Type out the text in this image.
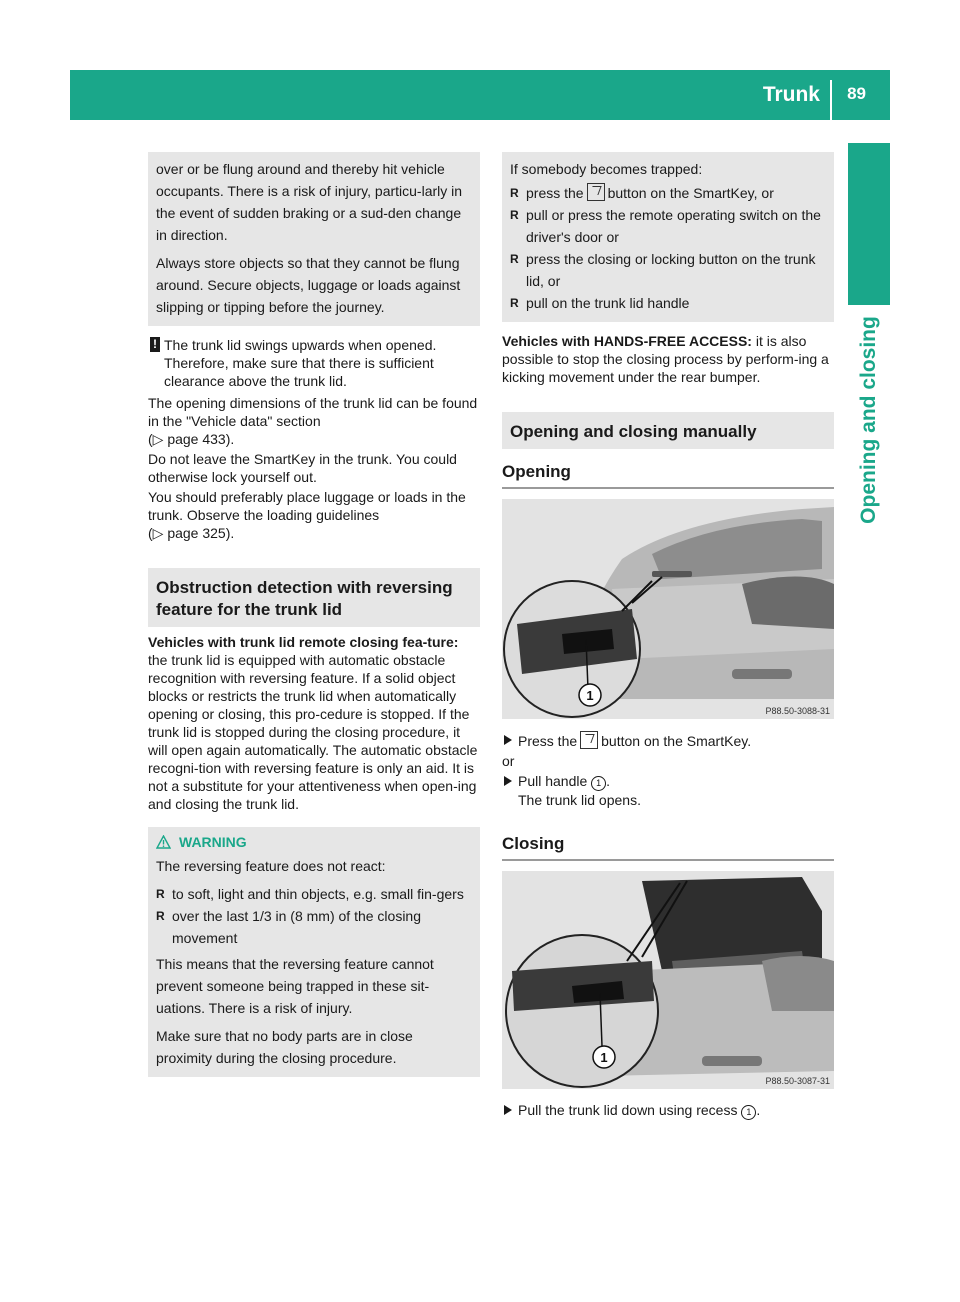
Trunk 89
Opening and closing

over or be flung around and thereby hit vehicle occupants. There is a risk of injury, particu-larly in the event of sudden braking or a sud-den change in direction.

Always store objects so that they cannot be flung around. Secure objects, luggage or loads against slipping or tipping before the journey.

! The trunk lid swings upwards when opened.
Therefore, make sure that there is sufficient clearance above the trunk lid.

The opening dimensions of the trunk lid can be found in the "Vehicle data" section
(▷ page 433).

Do not leave the SmartKey in the trunk. You could otherwise lock yourself out.

You should preferably place luggage or loads in the trunk. Observe the loading guidelines
(▷ page 325).

Obstruction detection with reversing feature for the trunk lid

Vehicles with trunk lid remote closing fea-ture: the trunk lid is equipped with automatic obstacle recognition with reversing feature. If a solid object blocks or restricts the trunk lid when automatically opening or closing, this pro-cedure is stopped. If the trunk lid is stopped during the closing procedure, it will open again automatically. The automatic obstacle recogni-tion with reversing feature is only an aid. It is not a substitute for your attentiveness when open-ing and closing the trunk lid.

WARNING

The reversing feature does not react:

R to soft, light and thin objects, e.g. small fin-gers
R over the last 1/3 in (8 mm) of the closing movement

This means that the reversing feature cannot prevent someone being trapped in these sit-uations. There is a risk of injury.

Make sure that no body parts are in close proximity during the closing procedure.

If somebody becomes trapped:

R press the button on the SmartKey, or
R pull or press the remote operating switch on the driver's door or
R press the closing or locking button on the trunk lid, or
R pull on the trunk lid handle

Vehicles with HANDS-FREE ACCESS: it is also possible to stop the closing process by perform-ing a kicking movement under the rear bumper.

Opening and closing manually
Opening
1
P88.50-3088-31
Press the button on the SmartKey.

or

Pull handle 1 .
The trunk lid opens.
Closing
1
P88.50-3087-31
Pull the trunk lid down using recess 1 .
